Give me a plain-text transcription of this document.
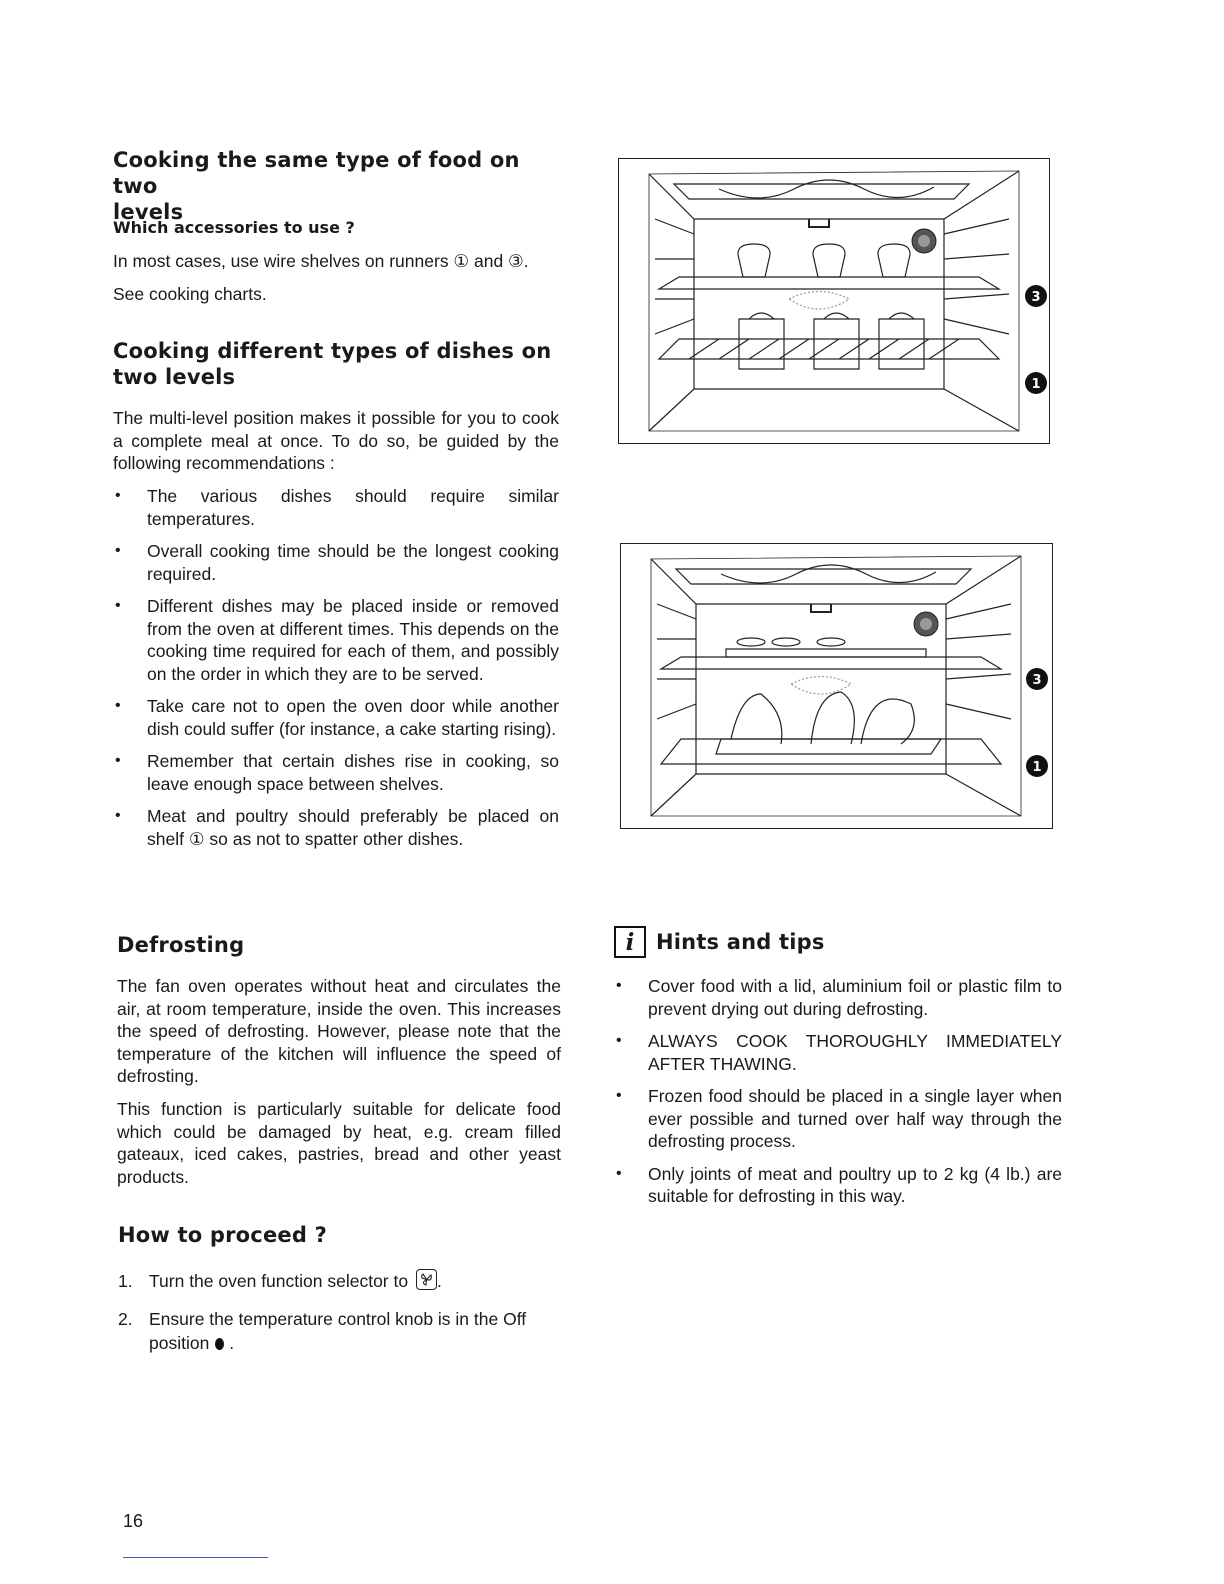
Cooking the same type of food on two
levels
Which accessories to use ?

In most cases, use wire shelves on runners ① and ③.

See cooking charts.

Cooking different types of dishes on
two levels

The multi-level position makes it possible for you to cook a complete meal at once. To do so, be guided by the following recommendations :

• The various dishes should require similar temperatures.
• Overall cooking time should be the longest cooking required.
• Different dishes may be placed inside or removed from the oven at different times. This depends on the cooking time required for each of them, and possibly on the order in which they are to be served.
• Take care not to open the oven door while another dish could suffer (for instance, a cake starting rising).
• Remember that certain dishes rise in cooking, so leave enough space between shelves.
• Meat and poultry should preferably be placed on shelf ① so as not to spatter other dishes.
Defrosting

The fan oven operates without heat and circulates the air, at room temperature, inside the oven. This increases the speed of defrosting. However, please note that the temperature of the kitchen will influence the speed of defrosting.

This function is particularly suitable for delicate food which could be damaged by heat, e.g. cream filled gateaux, iced cakes, pastries, bread and other yeast products.

How to proceed ?
1. Turn the oven function selector to .
2. Ensure the temperature control knob is in the Off
position .
3
1
3
1
i	Hints and tips
• Cover food with a lid, aluminium foil or plastic film to prevent drying out during defrosting.
• ALWAYS COOK THOROUGHLY IMMEDIATELY AFTER THAWING.
• Frozen food should be placed in a single layer when ever possible and turned over half way through the defrosting process.
• Only joints of meat and poultry up to 2 kg (4 lb.) are suitable for defrosting in this way.
16
